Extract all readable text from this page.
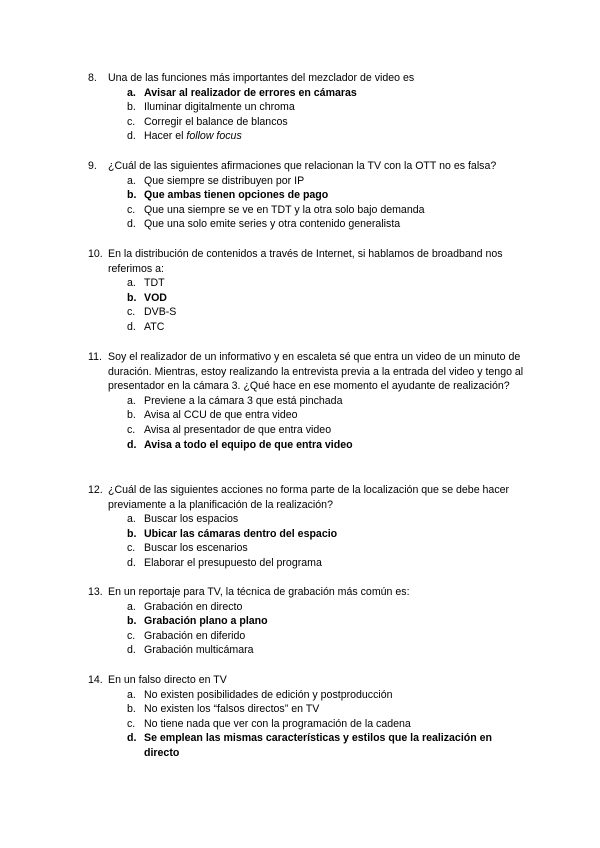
8.	Una de las funciones más importantes del mezclador de video es
a. Avisar al realizador de errores en cámaras
b. Iluminar digitalmente un chroma
c. Corregir el balance de blancos
d. Hacer el follow focus
9.	¿Cuál de las siguientes afirmaciones que relacionan la TV con la OTT no es falsa?
a. Que siempre se distribuyen por IP
b. Que ambas tienen opciones de pago
c. Que una siempre se ve en TDT y la otra solo bajo demanda
d. Que una solo emite series y otra contenido generalista
10. En la distribución de contenidos a través de Internet, si hablamos de broadband nos referimos a:
a. TDT
b. VOD
c. DVB-S
d. ATC
11. Soy el realizador de un informativo y en escaleta sé que entra un video de un minuto de duración. Mientras, estoy realizando la entrevista previa a la entrada del video y tengo al presentador en la cámara 3. ¿Qué hace en ese momento el ayudante de realización?
a. Previene a la cámara 3 que está pinchada
b. Avisa al CCU de que entra video
c. Avisa al presentador de que entra video
d. Avisa a todo el equipo de que entra video
12. ¿Cuál de las siguientes acciones no forma parte de la localización que se debe hacer previamente a la planificación de la realización?
a. Buscar los espacios
b. Ubicar las cámaras dentro del espacio
c. Buscar los escenarios
d. Elaborar el presupuesto del programa
13. En un reportaje para TV, la técnica de grabación más común es:
a. Grabación en directo
b. Grabación plano a plano
c. Grabación en diferido
d. Grabación multicámara
14. En un falso directo en TV
a. No existen posibilidades de edición y postproducción
b. No existen los “falsos directos” en TV
c. No tiene nada que ver con la programación de la cadena
d. Se emplean las mismas características y estilos que la realización en directo
